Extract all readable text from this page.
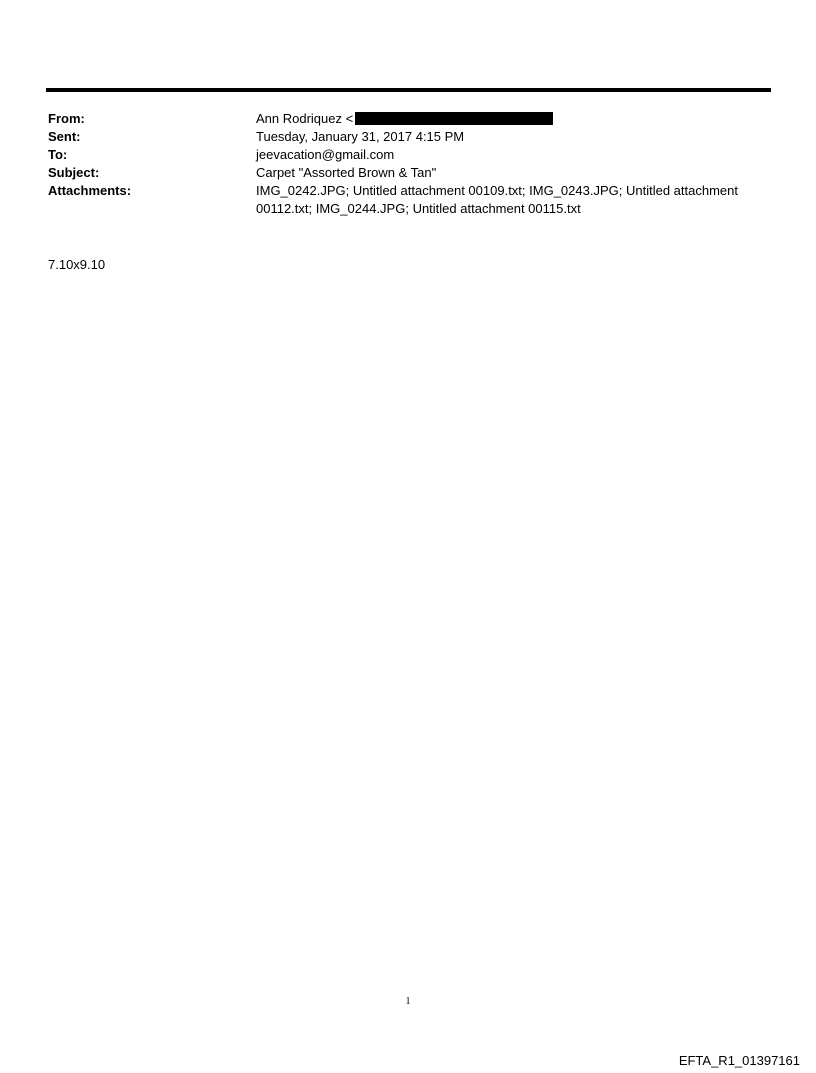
From:	Ann Rodriquez <
Sent:	Tuesday, January 31, 2017 4:15 PM
To:	jeevacation@gmail.com
Subject:	Carpet "Assorted Brown & Tan"
Attachments:	IMG_0242.JPG; Untitled attachment 00109.txt; IMG_0243.JPG; Untitled attachment 00112.txt; IMG_0244.JPG; Untitled attachment 00115.txt
7.10x9.10
1
EFTA_R1_01397161
